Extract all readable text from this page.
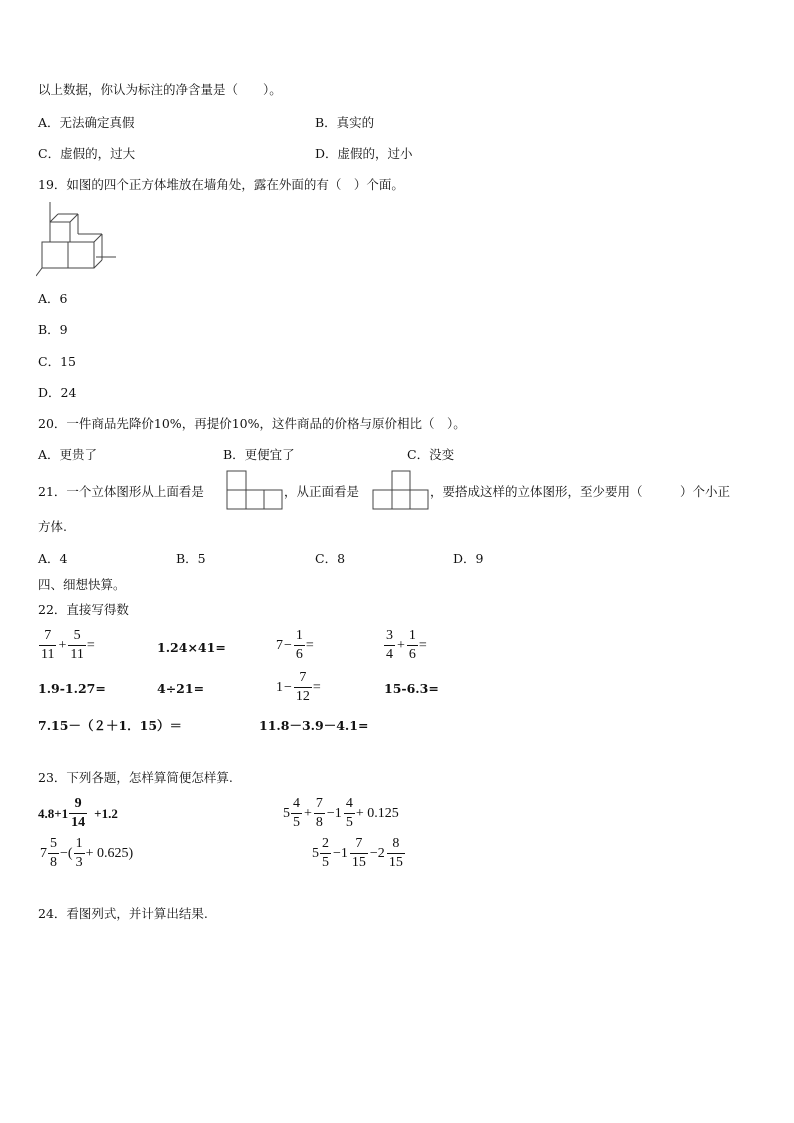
以上数据，你认为标注的净含量是（　　）。
A．无法确定真假	B．真实的
C．虚假的，过大	D．虚假的，过小
19．如图的四个正方体堆放在墙角处，露在外面的有（　）个面。
A．6
B．9
C．15
D．24
20．一件商品先降价10%，再提价10%，这件商品的价格与原价相比（　）。
A．更贵了	B．更便宜了	C．没变
21．一个立体图形从上面看是	，从正面看是	，要搭成这样的立体图形，至少要用（　　　）个小正
方体.
A．4	B．5	C．8	D．9
四、细想快算。
22．直接写得数
$\frac{7}{11} + \frac{5}{11}$ =	1.24×41=	$7 - \frac{1}{6}$ =	$\frac{3}{4} + \frac{1}{6}$ =
1.9-1.27=	4÷21=	$1 - \frac{7}{12}$ =	15-6.3=
7.15－（２＋1．15）＝	11.8－3.9－4.1=
23．下列各题，怎样算简便怎样算.
$4.8+1 \frac{9}{14} +1.2$	$5 \frac{4}{5} + \frac{7}{8} -1 \frac{4}{5} + 0.125$
$7 \frac{5}{8}$ −( $\frac{1}{3} + 0.625$)	$5 \frac{2}{5} -1 \frac{7}{15} -2 \frac{8}{15}$
24．看图列式，并计算出结果.
